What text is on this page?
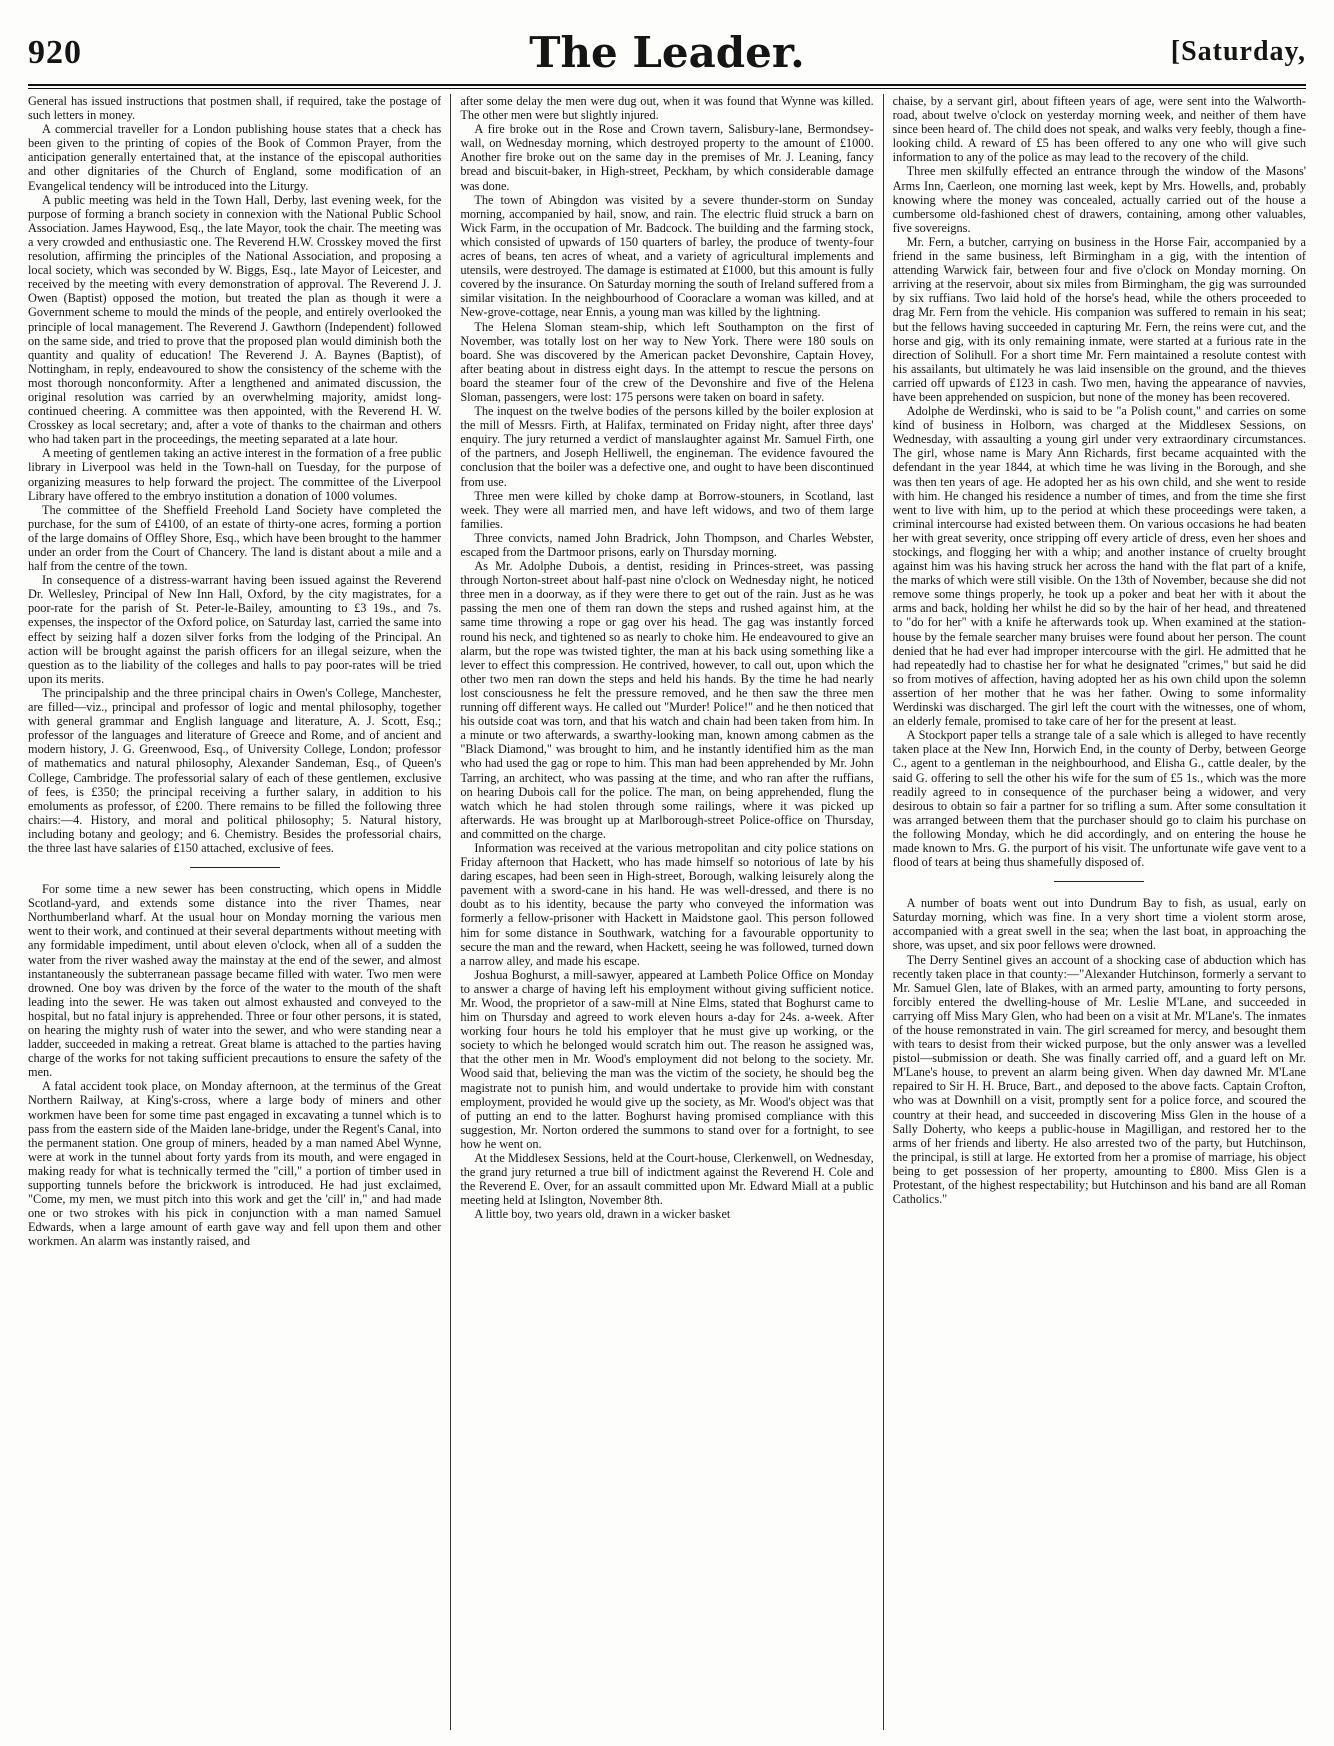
920	The Leader.	[Saturday,

General has issued instructions that postmen shall, if required, take the postage of such letters in money.

A commercial traveller for a London publishing house states that a check has been given to the printing of copies of the Book of Common Prayer, from the anticipation generally entertained that, at the instance of the episcopal authorities and other dignitaries of the Church of England, some modification of an Evangelical tendency will be introduced into the Liturgy.

A public meeting was held in the Town Hall, Derby, last evening week, for the purpose of forming a branch society in connexion with the National Public School Association. James Haywood, Esq., the late Mayor, took the chair. The meeting was a very crowded and enthusiastic one. The Reverend H.W. Crosskey moved the first resolution, affirming the principles of the National Association, and proposing a local society, which was seconded by W. Biggs, Esq., late Mayor of Leicester, and received by the meeting with every demonstration of approval. The Reverend J. J. Owen (Baptist) opposed the motion, but treated the plan as though it were a Government scheme to mould the minds of the people, and entirely overlooked the principle of local management. The Reverend J. Gawthorn (Independent) followed on the same side, and tried to prove that the proposed plan would diminish both the quantity and quality of education! The Reverend J. A. Baynes (Baptist), of Nottingham, in reply, endeavoured to show the consistency of the scheme with the most thorough nonconformity. After a lengthened and animated discussion, the original resolution was carried by an overwhelming majority, amidst long-continued cheering. A committee was then appointed, with the Reverend H. W. Crosskey as local secretary; and, after a vote of thanks to the chairman and others who had taken part in the proceedings, the meeting separated at a late hour.

A meeting of gentlemen taking an active interest in the formation of a free public library in Liverpool was held in the Town-hall on Tuesday, for the purpose of organizing measures to help forward the project. The committee of the Liverpool Library have offered to the embryo institution a donation of 1000 volumes.

The committee of the Sheffield Freehold Land Society have completed the purchase, for the sum of £4100, of an estate of thirty-one acres, forming a portion of the large domains of Offley Shore, Esq., which have been brought to the hammer under an order from the Court of Chancery. The land is distant about a mile and a half from the centre of the town.

In consequence of a distress-warrant having been issued against the Reverend Dr. Wellesley, Principal of New Inn Hall, Oxford, by the city magistrates, for a poor-rate for the parish of St. Peter-le-Bailey, amounting to £3 19s., and 7s. expenses, the inspector of the Oxford police, on Saturday last, carried the same into effect by seizing half a dozen silver forks from the lodging of the Principal. An action will be brought against the parish officers for an illegal seizure, when the question as to the liability of the colleges and halls to pay poor-rates will be tried upon its merits.

The principalship and the three principal chairs in Owen's College, Manchester, are filled—viz., principal and professor of logic and mental philosophy, together with general grammar and English language and literature, A. J. Scott, Esq.; professor of the languages and literature of Greece and Rome, and of ancient and modern history, J. G. Greenwood, Esq., of University College, London; professor of mathematics and natural philosophy, Alexander Sandeman, Esq., of Queen's College, Cambridge. The professorial salary of each of these gentlemen, exclusive of fees, is £350; the principal receiving a further salary, in addition to his emoluments as professor, of £200. There remains to be filled the following three chairs:—4. History, and moral and political philosophy; 5. Natural history, including botany and geology; and 6. Chemistry. Besides the professorial chairs, the three last have salaries of £150 attached, exclusive of fees.

For some time a new sewer has been constructing, which opens in Middle Scotland-yard, and extends some distance into the river Thames, near Northumberland wharf. At the usual hour on Monday morning the various men went to their work, and continued at their several departments without meeting with any formidable impediment, until about eleven o'clock, when all of a sudden the water from the river washed away the mainstay at the end of the sewer, and almost instantaneously the subterranean passage became filled with water. Two men were drowned. One boy was driven by the force of the water to the mouth of the shaft leading into the sewer. He was taken out almost exhausted and conveyed to the hospital, but no fatal injury is apprehended. Three or four other persons, it is stated, on hearing the mighty rush of water into the sewer, and who were standing near a ladder, succeeded in making a retreat. Great blame is attached to the parties having charge of the works for not taking sufficient precautions to ensure the safety of the men.

A fatal accident took place, on Monday afternoon, at the terminus of the Great Northern Railway, at King's-cross, where a large body of miners and other workmen have been for some time past engaged in excavating a tunnel which is to pass from the eastern side of the Maiden lane-bridge, under the Regent's Canal, into the permanent station. One group of miners, headed by a man named Abel Wynne, were at work in the tunnel about forty yards from its mouth, and were engaged in making ready for what is technically termed the "cill," a portion of timber used in supporting tunnels before the brickwork is introduced. He had just exclaimed, "Come, my men, we must pitch into this work and get the 'cill' in," and had made one or two strokes with his pick in conjunction with a man named Samuel Edwards, when a large amount of earth gave way and fell upon them and other workmen. An alarm was instantly raised, and

after some delay the men were dug out, when it was found that Wynne was killed. The other men were but slightly injured.

A fire broke out in the Rose and Crown tavern, Salisbury-lane, Bermondsey-wall, on Wednesday morning, which destroyed property to the amount of £1000. Another fire broke out on the same day in the premises of Mr. J. Leaning, fancy bread and biscuit-baker, in High-street, Peckham, by which considerable damage was done.

The town of Abingdon was visited by a severe thunder-storm on Sunday morning, accompanied by hail, snow, and rain. The electric fluid struck a barn on Wick Farm, in the occupation of Mr. Badcock. The building and the farming stock, which consisted of upwards of 150 quarters of barley, the produce of twenty-four acres of beans, ten acres of wheat, and a variety of agricultural implements and utensils, were destroyed. The damage is estimated at £1000, but this amount is fully covered by the insurance. On Saturday morning the south of Ireland suffered from a similar visitation. In the neighbourhood of Cooraclare a woman was killed, and at New-grove-cottage, near Ennis, a young man was killed by the lightning.

The Helena Sloman steam-ship, which left Southampton on the first of November, was totally lost on her way to New York. There were 180 souls on board. She was discovered by the American packet Devonshire, Captain Hovey, after beating about in distress eight days. In the attempt to rescue the persons on board the steamer four of the crew of the Devonshire and five of the Helena Sloman, passengers, were lost: 175 persons were taken on board in safety.

The inquest on the twelve bodies of the persons killed by the boiler explosion at the mill of Messrs. Firth, at Halifax, terminated on Friday night, after three days' enquiry. The jury returned a verdict of manslaughter against Mr. Samuel Firth, one of the partners, and Joseph Helliwell, the engineman. The evidence favoured the conclusion that the boiler was a defective one, and ought to have been discontinued from use.

Three men were killed by choke damp at Borrow-stouners, in Scotland, last week. They were all married men, and have left widows, and two of them large families.

Three convicts, named John Bradrick, John Thompson, and Charles Webster, escaped from the Dartmoor prisons, early on Thursday morning.

As Mr. Adolphe Dubois, a dentist, residing in Princes-street, was passing through Norton-street about half-past nine o'clock on Wednesday night, he noticed three men in a doorway, as if they were there to get out of the rain. Just as he was passing the men one of them ran down the steps and rushed against him, at the same time throwing a rope or gag over his head. The gag was instantly forced round his neck, and tightened so as nearly to choke him. He endeavoured to give an alarm, but the rope was twisted tighter, the man at his back using something like a lever to effect this compression. He contrived, however, to call out, upon which the other two men ran down the steps and held his hands. By the time he had nearly lost consciousness he felt the pressure removed, and he then saw the three men running off different ways. He called out "Murder! Police!" and he then noticed that his outside coat was torn, and that his watch and chain had been taken from him. In a minute or two afterwards, a swarthy-looking man, known among cabmen as the "Black Diamond," was brought to him, and he instantly identified him as the man who had used the gag or rope to him. This man had been apprehended by Mr. John Tarring, an architect, who was passing at the time, and who ran after the ruffians, on hearing Dubois call for the police. The man, on being apprehended, flung the watch which he had stolen through some railings, where it was picked up afterwards. He was brought up at Marlborough-street Police-office on Thursday, and committed on the charge.

Information was received at the various metropolitan and city police stations on Friday afternoon that Hackett, who has made himself so notorious of late by his daring escapes, had been seen in High-street, Borough, walking leisurely along the pavement with a sword-cane in his hand. He was well-dressed, and there is no doubt as to his identity, because the party who conveyed the information was formerly a fellow-prisoner with Hackett in Maidstone gaol. This person followed him for some distance in Southwark, watching for a favourable opportunity to secure the man and the reward, when Hackett, seeing he was followed, turned down a narrow alley, and made his escape.

Joshua Boghurst, a mill-sawyer, appeared at Lambeth Police Office on Monday to answer a charge of having left his employment without giving sufficient notice. Mr. Wood, the proprietor of a saw-mill at Nine Elms, stated that Boghurst came to him on Thursday and agreed to work eleven hours a-day for 24s. a-week. After working four hours he told his employer that he must give up working, or the society to which he belonged would scratch him out. The reason he assigned was, that the other men in Mr. Wood's employment did not belong to the society. Mr. Wood said that, believing the man was the victim of the society, he should beg the magistrate not to punish him, and would undertake to provide him with constant employment, provided he would give up the society, as Mr. Wood's object was that of putting an end to the latter. Boghurst having promised compliance with this suggestion, Mr. Norton ordered the summons to stand over for a fortnight, to see how he went on.

At the Middlesex Sessions, held at the Court-house, Clerkenwell, on Wednesday, the grand jury returned a true bill of indictment against the Reverend H. Cole and the Reverend E. Over, for an assault committed upon Mr. Edward Miall at a public meeting held at Islington, November 8th.

A little boy, two years old, drawn in a wicker basket

chaise, by a servant girl, about fifteen years of age, were sent into the Walworth-road, about twelve o'clock on yesterday morning week, and neither of them have since been heard of. The child does not speak, and walks very feebly, though a fine-looking child. A reward of £5 has been offered to any one who will give such information to any of the police as may lead to the recovery of the child.

Three men skilfully effected an entrance through the window of the Masons' Arms Inn, Caerleon, one morning last week, kept by Mrs. Howells, and, probably knowing where the money was concealed, actually carried out of the house a cumbersome old-fashioned chest of drawers, containing, among other valuables, five sovereigns.

Mr. Fern, a butcher, carrying on business in the Horse Fair, accompanied by a friend in the same business, left Birmingham in a gig, with the intention of attending Warwick fair, between four and five o'clock on Monday morning. On arriving at the reservoir, about six miles from Birmingham, the gig was surrounded by six ruffians. Two laid hold of the horse's head, while the others proceeded to drag Mr. Fern from the vehicle. His companion was suffered to remain in his seat; but the fellows having succeeded in capturing Mr. Fern, the reins were cut, and the horse and gig, with its only remaining inmate, were started at a furious rate in the direction of Solihull. For a short time Mr. Fern maintained a resolute contest with his assailants, but ultimately he was laid insensible on the ground, and the thieves carried off upwards of £123 in cash. Two men, having the appearance of navvies, have been apprehended on suspicion, but none of the money has been recovered.

Adolphe de Werdinski, who is said to be "a Polish count," and carries on some kind of business in Holborn, was charged at the Middlesex Sessions, on Wednesday, with assaulting a young girl under very extraordinary circumstances. The girl, whose name is Mary Ann Richards, first became acquainted with the defendant in the year 1844, at which time he was living in the Borough, and she was then ten years of age. He adopted her as his own child, and she went to reside with him. He changed his residence a number of times, and from the time she first went to live with him, up to the period at which these proceedings were taken, a criminal intercourse had existed between them. On various occasions he had beaten her with great severity, once stripping off every article of dress, even her shoes and stockings, and flogging her with a whip; and another instance of cruelty brought against him was his having struck her across the hand with the flat part of a knife, the marks of which were still visible. On the 13th of November, because she did not remove some things properly, he took up a poker and beat her with it about the arms and back, holding her whilst he did so by the hair of her head, and threatened to "do for her" with a knife he afterwards took up. When examined at the station-house by the female searcher many bruises were found about her person. The count denied that he had ever had improper intercourse with the girl. He admitted that he had repeatedly had to chastise her for what he designated "crimes," but said he did so from motives of affection, having adopted her as his own child upon the solemn assertion of her mother that he was her father. Owing to some informality Werdinski was discharged. The girl left the court with the witnesses, one of whom, an elderly female, promised to take care of her for the present at least.

A Stockport paper tells a strange tale of a sale which is alleged to have recently taken place at the New Inn, Horwich End, in the county of Derby, between George C., agent to a gentleman in the neighbourhood, and Elisha G., cattle dealer, by the said G. offering to sell the other his wife for the sum of £5 1s., which was the more readily agreed to in consequence of the purchaser being a widower, and very desirous to obtain so fair a partner for so trifling a sum. After some consultation it was arranged between them that the purchaser should go to claim his purchase on the following Monday, which he did accordingly, and on entering the house he made known to Mrs. G. the purport of his visit. The unfortunate wife gave vent to a flood of tears at being thus shamefully disposed of.

A number of boats went out into Dundrum Bay to fish, as usual, early on Saturday morning, which was fine. In a very short time a violent storm arose, accompanied with a great swell in the sea; when the last boat, in approaching the shore, was upset, and six poor fellows were drowned.

The Derry Sentinel gives an account of a shocking case of abduction which has recently taken place in that county:—"Alexander Hutchinson, formerly a servant to Mr. Samuel Glen, late of Blakes, with an armed party, amounting to forty persons, forcibly entered the dwelling-house of Mr. Leslie M'Lane, and succeeded in carrying off Miss Mary Glen, who had been on a visit at Mr. M'Lane's. The inmates of the house remonstrated in vain. The girl screamed for mercy, and besought them with tears to desist from their wicked purpose, but the only answer was a levelled pistol—submission or death. She was finally carried off, and a guard left on Mr. M'Lane's house, to prevent an alarm being given. When day dawned Mr. M'Lane repaired to Sir H. H. Bruce, Bart., and deposed to the above facts. Captain Crofton, who was at Downhill on a visit, promptly sent for a police force, and scoured the country at their head, and succeeded in discovering Miss Glen in the house of a Sally Doherty, who keeps a public-house in Magilligan, and restored her to the arms of her friends and liberty. He also arrested two of the party, but Hutchinson, the principal, is still at large. He extorted from her a promise of marriage, his object being to get possession of her property, amounting to £800. Miss Glen is a Protestant, of the highest respectability; but Hutchinson and his band are all Roman Catholics."
